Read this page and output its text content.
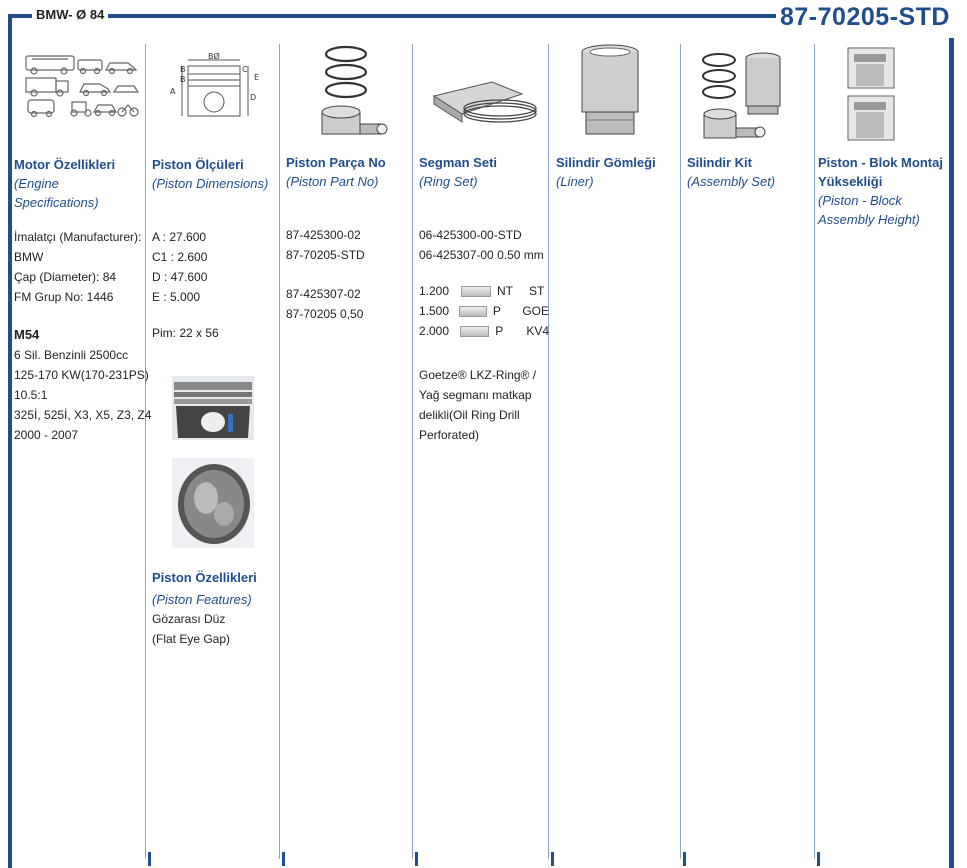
BMW- Ø 84	87-70205-STD
Motor Özellikleri
(Engine Specifications)
İmalatçı (Manufacturer):
BMW
Çap (Diameter): 84
FM Grup No: 1446
M54
6 Sil. Benzinli 2500cc
125-170 KW(170-231PS)
10.5:1
325İ, 525İ, X3, X5, Z3, Z4
2000 - 2007
BØ
B
B
C
E
A
D
Piston Ölçüleri
(Piston Dimensions)
A : 27.600
C1 : 2.600
D : 47.600
E : 5.000
Pim: 22 x 56
Piston Özellikleri
(Piston Features)
Gözarası Düz
(Flat Eye Gap)
Piston Parça No
(Piston Part No)
87-425300-02
87-70205-STD
87-425307-02
87-70205 0,50
Segman Seti
(Ring Set)
06-425300-00-STD
06-425307-00 0.50 mm
1.200	NT	ST
1.500	P	GOE
2.000	P	KV4
Goetze® LKZ-Ring® /
Yağ segmanı matkap
delikli(Oil Ring Drill
Perforated)
Silindir Gömleği
(Liner)
Silindir Kit
(Assembly Set)
Piston - Blok Montaj
Yüksekliği
(Piston - Block
Assembly Height)
